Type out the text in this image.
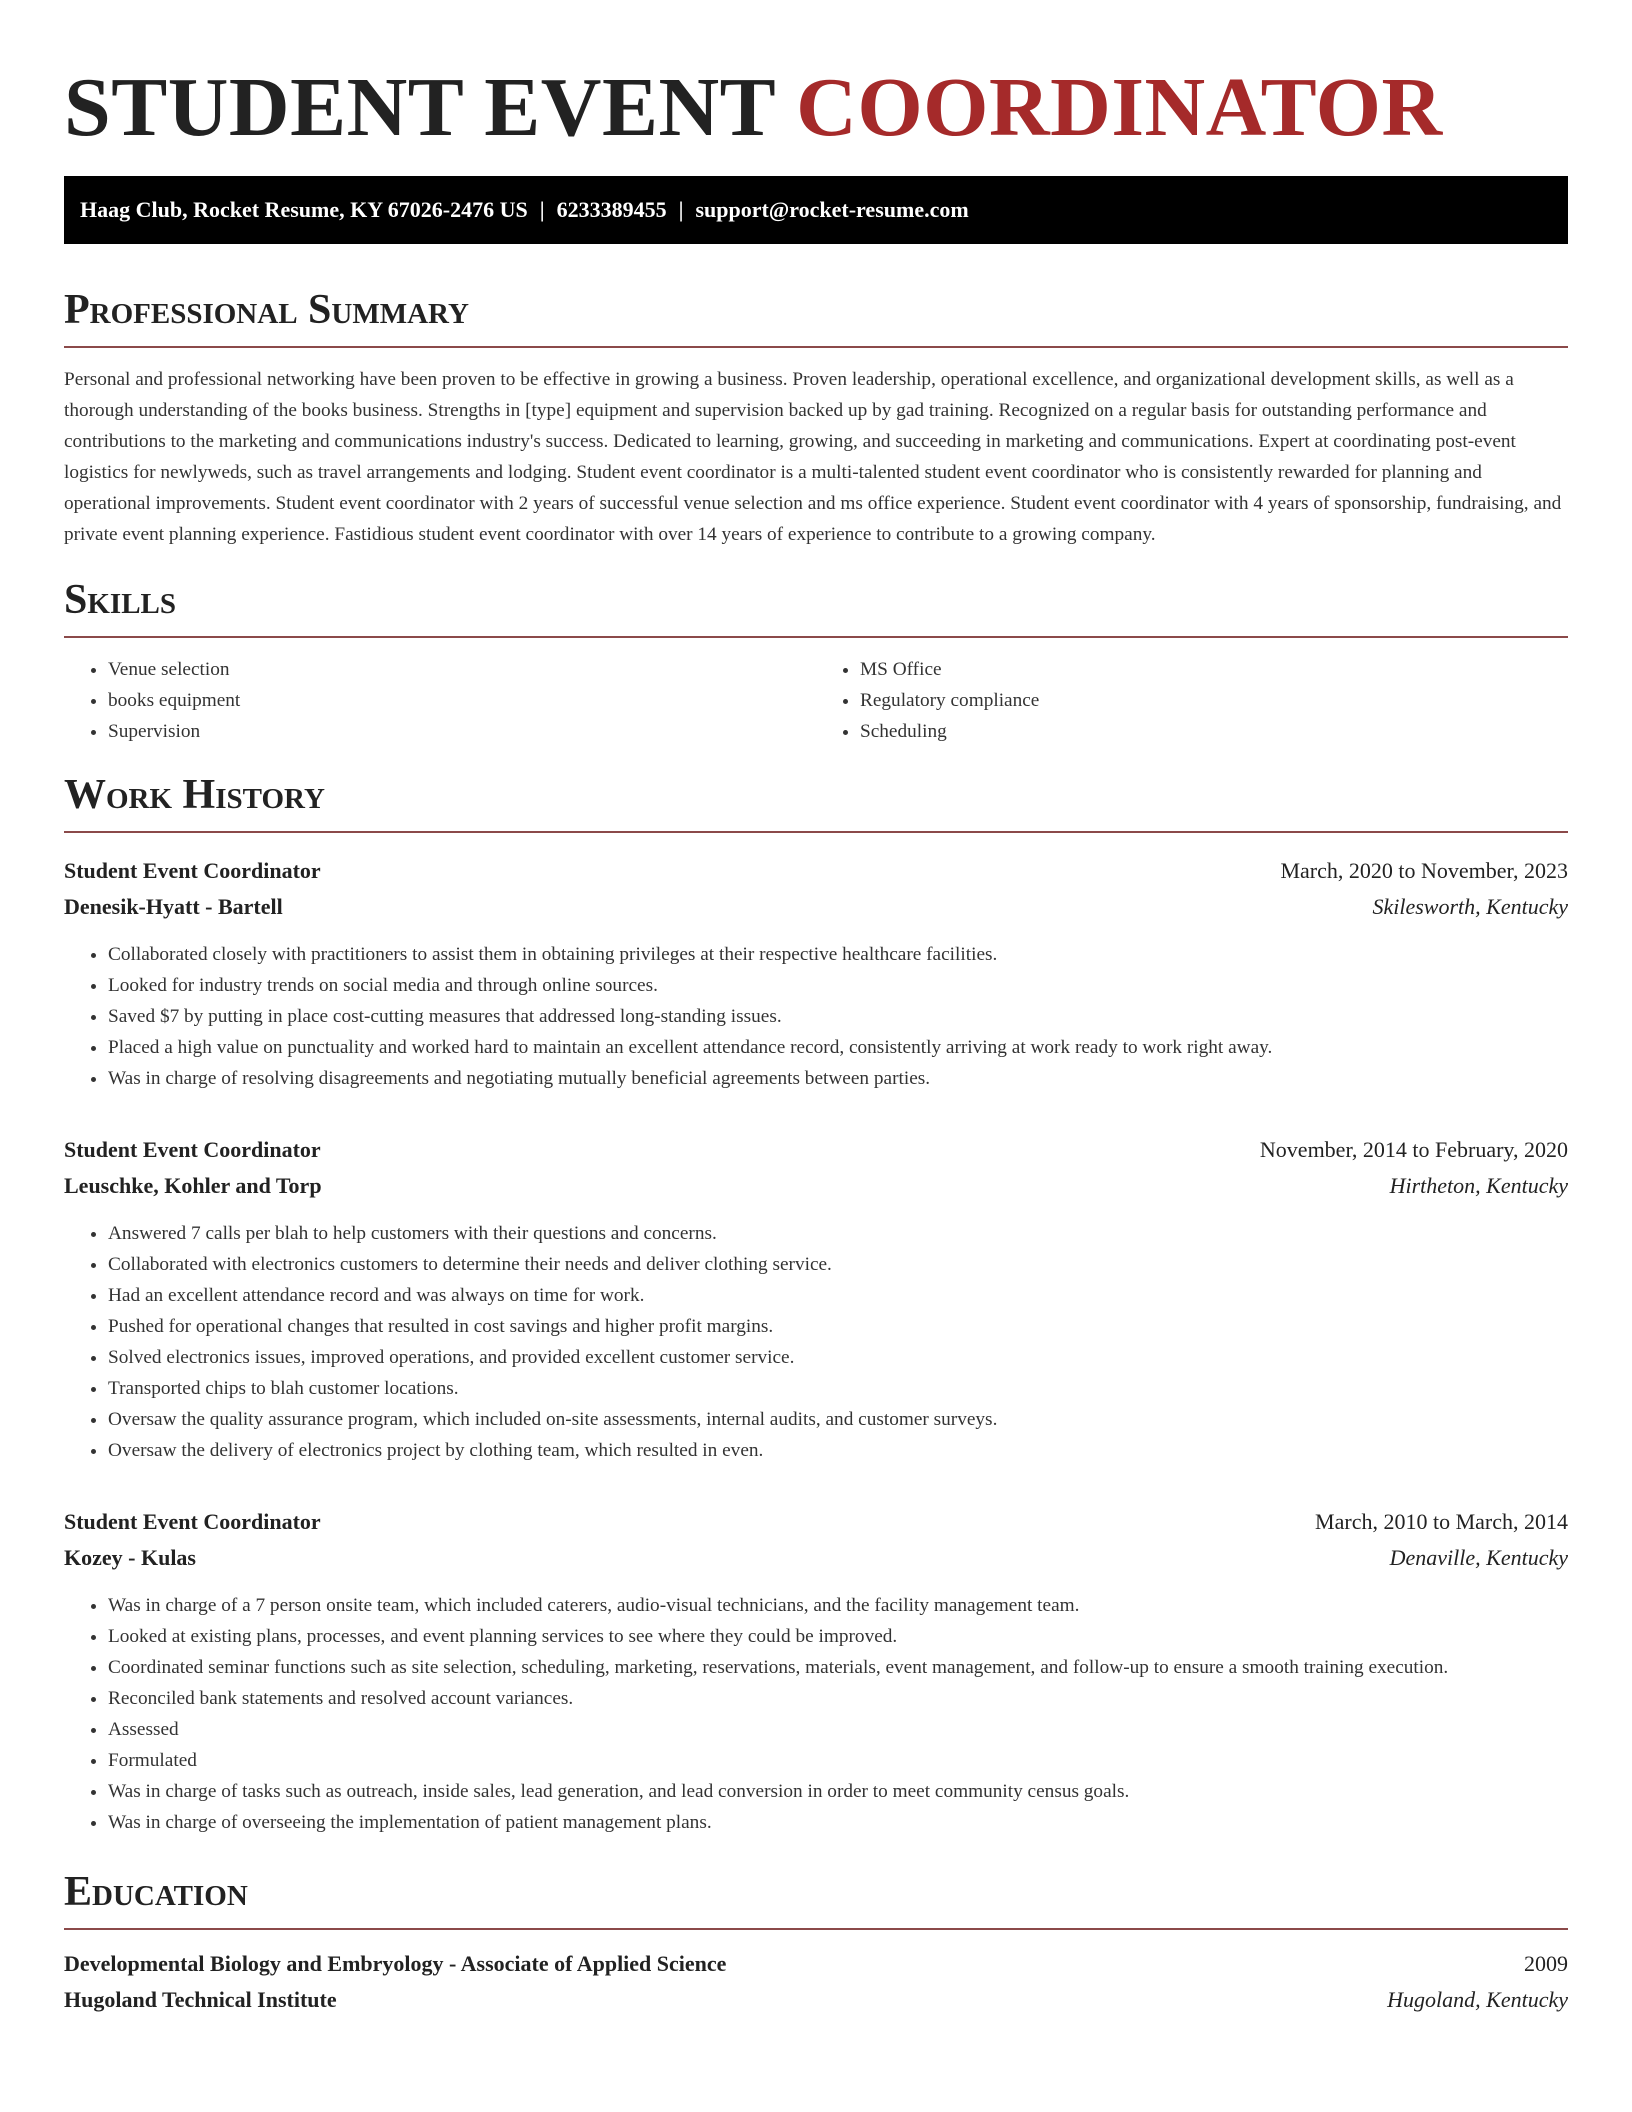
STUDENT EVENT COORDINATOR
Haag Club, Rocket Resume, KY 67026-2476 US | 6233389455 | support@rocket-resume.com
Professional Summary

Personal and professional networking have been proven to be effective in growing a business. Proven leadership, operational excellence, and organizational development skills, as well as a thorough understanding of the books business. Strengths in [type] equipment and supervision backed up by gad training. Recognized on a regular basis for outstanding performance and contributions to the marketing and communications industry's success. Dedicated to learning, growing, and succeeding in marketing and communications. Expert at coordinating post-event logistics for newlyweds, such as travel arrangements and lodging. Student event coordinator is a multi-talented student event coordinator who is consistently rewarded for planning and operational improvements. Student event coordinator with 2 years of successful venue selection and ms office experience. Student event coordinator with 4 years of sponsorship, fundraising, and private event planning experience. Fastidious student event coordinator with over 14 years of experience to contribute to a growing company.

Skills
• Venue selection
• books equipment
• Supervision
• MS Office
• Regulatory compliance
• Scheduling
Work History
Student Event Coordinator	March, 2020 to November, 2023
Denesik-Hyatt - Bartell	Skilesworth, Kentucky
• Collaborated closely with practitioners to assist them in obtaining privileges at their respective healthcare facilities.
• Looked for industry trends on social media and through online sources.
• Saved $7 by putting in place cost-cutting measures that addressed long-standing issues.
• Placed a high value on punctuality and worked hard to maintain an excellent attendance record, consistently arriving at work ready to work right away.
• Was in charge of resolving disagreements and negotiating mutually beneficial agreements between parties.
Student Event Coordinator	November, 2014 to February, 2020
Leuschke, Kohler and Torp	Hirtheton, Kentucky
• Answered 7 calls per blah to help customers with their questions and concerns.
• Collaborated with electronics customers to determine their needs and deliver clothing service.
• Had an excellent attendance record and was always on time for work.
• Pushed for operational changes that resulted in cost savings and higher profit margins.
• Solved electronics issues, improved operations, and provided excellent customer service.
• Transported chips to blah customer locations.
• Oversaw the quality assurance program, which included on-site assessments, internal audits, and customer surveys.
• Oversaw the delivery of electronics project by clothing team, which resulted in even.
Student Event Coordinator	March, 2010 to March, 2014
Kozey - Kulas	Denaville, Kentucky
• Was in charge of a 7 person onsite team, which included caterers, audio-visual technicians, and the facility management team.
• Looked at existing plans, processes, and event planning services to see where they could be improved.
• Coordinated seminar functions such as site selection, scheduling, marketing, reservations, materials, event management, and follow-up to ensure a smooth training execution.
• Reconciled bank statements and resolved account variances.
• Assessed
• Formulated
• Was in charge of tasks such as outreach, inside sales, lead generation, and lead conversion in order to meet community census goals.
• Was in charge of overseeing the implementation of patient management plans.
Education
Developmental Biology and Embryology - Associate of Applied Science	2009
Hugoland Technical Institute	Hugoland, Kentucky
